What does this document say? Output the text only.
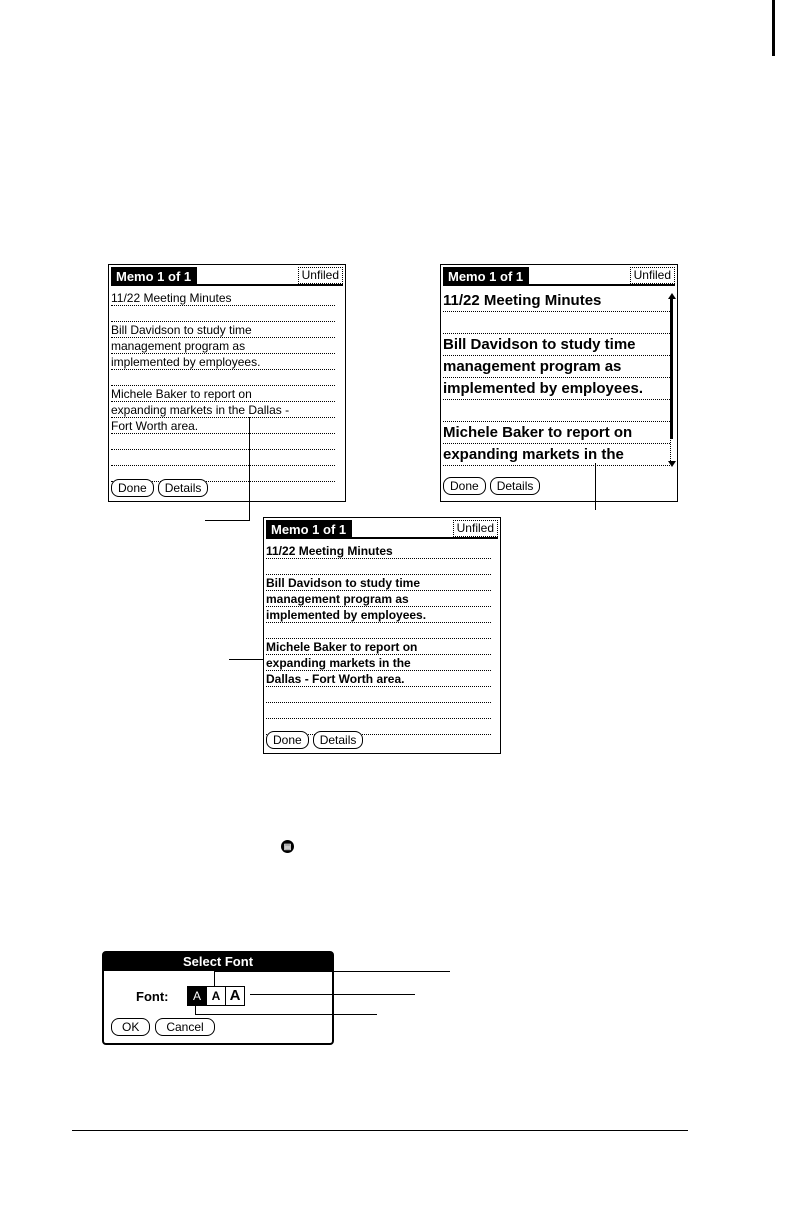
Memo 1 of 1	Unfiled
11/22 Meeting Minutes
Bill Davidson to study time
management program as
implemented by employees.
Michele Baker to report on
expanding markets in the Dallas -
Fort Worth area.
Done	Details
Memo 1 of 1	Unfiled
11/22 Meeting Minutes
Bill Davidson to study time
management program as
implemented by employees.
Michele Baker to report on
expanding markets in the
Done	Details
Memo 1 of 1	Unfiled
11/22 Meeting Minutes
Bill Davidson to study time
management program as
implemented by employees.
Michele Baker to report on
expanding markets in the
Dallas - Fort Worth area.
Done	Details
▤
Select Font
Font:	A A A
OK	Cancel
